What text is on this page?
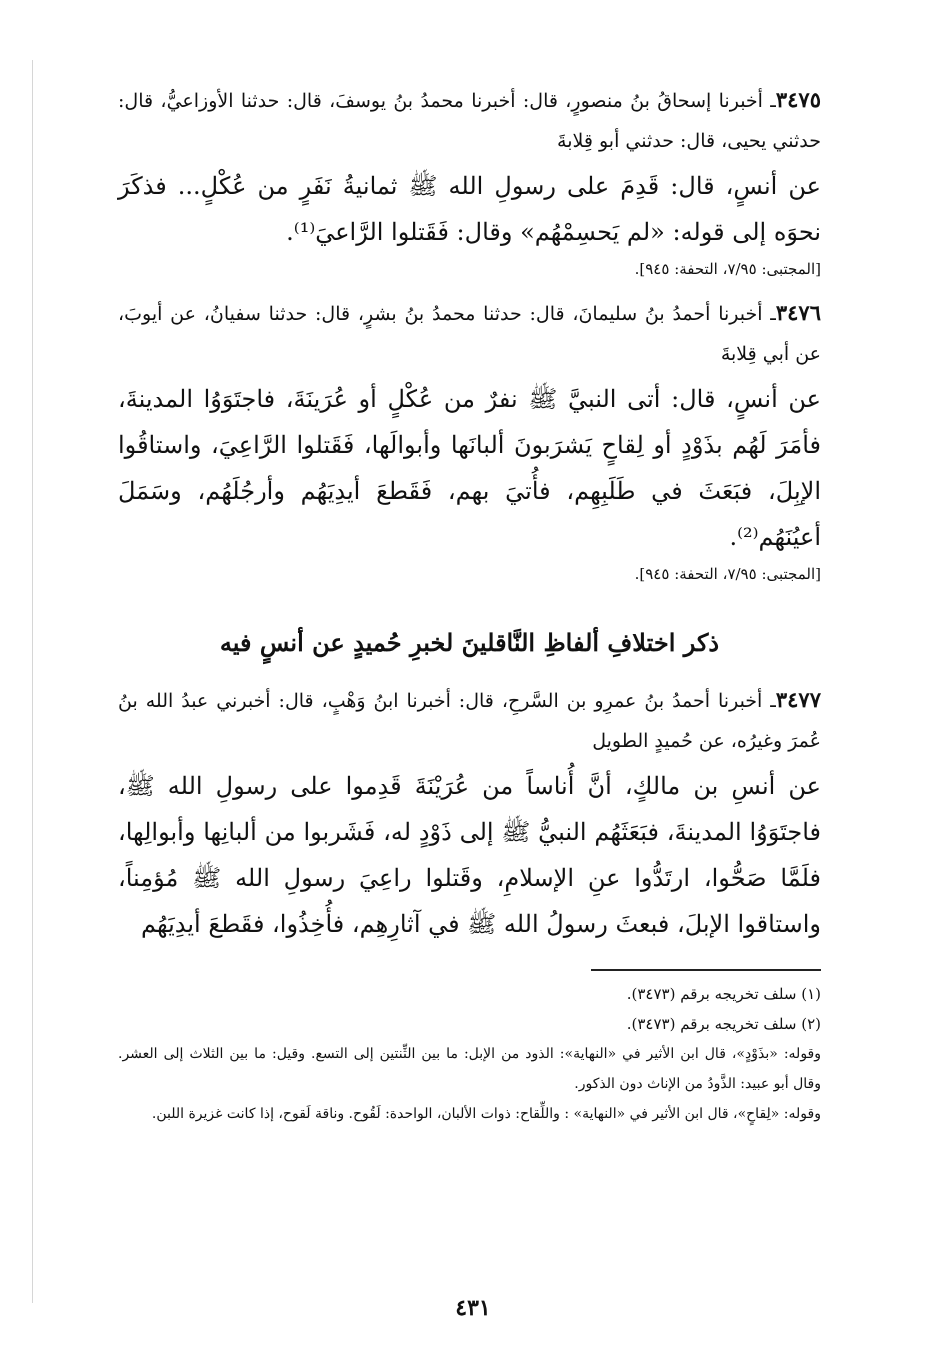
٣٤٧٥ـ أخبرنا إسحاقُ بنُ منصورٍ، قال: أخبرنا محمدُ بنُ يوسفَ، قال: حدثنا الأوزاعيُّ، قال: حدثني يحيى، قال: حدثني أبو قِلابةَ
عن أنسٍ، قال: قَدِمَ على رسولِ الله ﷺ ثمانيةُ نَفَرٍ من عُكْلٍ... فذكَرَ نحوَه إلى قوله: «لم يَحسِمْهُم» وقال: فَقَتلوا الرَّاعيَ⁽¹⁾.
[المجتبى: ٧/٩٥، التحفة: ٩٤٥].
٣٤٧٦ـ أخبرنا أحمدُ بنُ سليمانَ، قال: حدثنا محمدُ بنُ بشرٍ، قال: حدثنا سفيانُ، عن أيوبَ، عن أبي قِلابةَ
عن أنسٍ، قال: أتى النبيَّ ﷺ نفرٌ من عُكْلٍ أو عُرَينَةَ، فاجتَوَوُا المدينةَ، فأمَرَ لَهُم بذَوْدٍ أو لِقاحٍ يَشرَبونَ ألبانَها وأبوالَها، فَقَتلوا الرَّاعِيَ، واستاقُوا الإبِلَ، فبَعَثَ في طَلَبِهِم، فأُتيَ بهم، فَقَطعَ أيدِيَهُم وأرجُلَهُم، وسَمَلَ أعيُنَهُم⁽²⁾.
[المجتبى: ٧/٩٥، التحفة: ٩٤٥].
ذكر اختلافِ ألفاظِ النَّاقلينَ لخبرِ حُميدٍ عن أنسٍ فيه
٣٤٧٧ـ أخبرنا أحمدُ بنُ عمرِو بن السَّرحِ، قال: أخبرنا ابنُ وَهْبٍ، قال: أخبرني عبدُ الله بنُ عُمرَ وغيرُه، عن حُميدٍ الطويل
عن أنسِ بن مالكٍ، أنَّ أُناساً من عُرَيْنَةَ قَدِموا على رسولِ الله ﷺ، فاجتَوَوُا المدينةَ، فبَعَثَهُم النبيُّ ﷺ إلى ذَوْدٍ له، فَشَربوا من ألبانِها وأبوالِها، فلَمَّا صَحُّوا، ارتَدُّوا عنِ الإسلامِ، وقَتلوا راعِيَ رسولِ الله ﷺ مُؤمِناً، واستاقوا الإبلَ، فبعثَ رسولُ الله ﷺ في آثارِهِم، فأُخِذُوا، فقَطعَ أيدِيَهُم
(١) سلف تخريجه برقم (٣٤٧٣).
(٢) سلف تخريجه برقم (٣٤٧٣).
وقوله: «بذَوْدٍ»، قال ابن الأثير في «النهاية»: الذود من الإبل: ما بين الثِّنتين إلى التسع. وقيل: ما بين الثلاث إلى العشر. وقال أبو عبيد: الذَّودُ من الإناث دون الذكور.
وقوله: «لِقاحٍ»، قال ابن الأثير في «النهاية» : واللِّقاح: ذوات الألبان، الواحدة: لَقُوح. وناقة لَقوح، إذا كانت غزيرة اللبن.
٤٣١
